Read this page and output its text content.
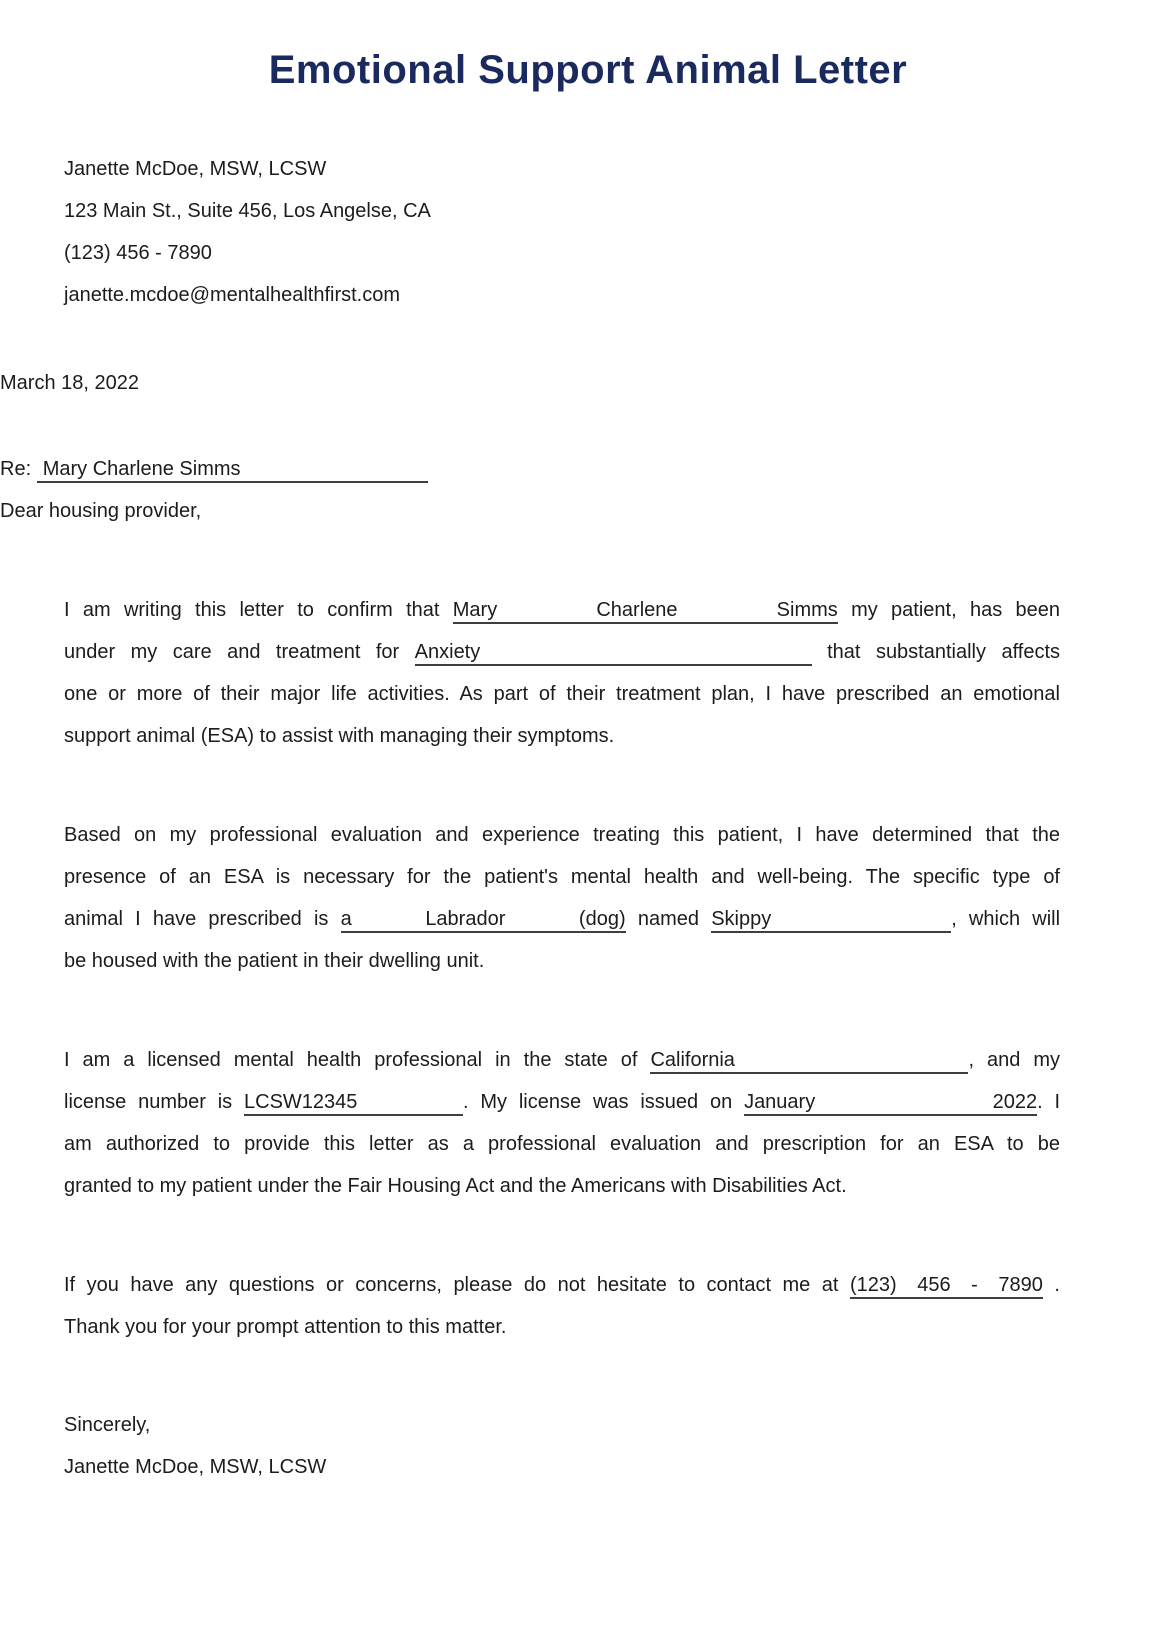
Emotional Support Animal Letter

Janette McDoe, MSW, LCSW

123 Main St., Suite 456, Los Angelse, CA

(123) 456 - 7890

janette.mcdoe@mentalhealthfirst.com

March 18, 2022

Re: Mary Charlene Simms

Dear housing provider,

I am writing this letter to confirm that Mary Charlene Simms my patient, has been
under my care and treatment for Anxiety	that substantially affects
one or more of their major life activities. As part of their treatment plan, I have prescribed an emotional
support animal (ESA) to assist with managing their symptoms.
Based on my professional evaluation and experience treating this patient, I have determined that the
presence of an ESA is necessary for the patient's mental health and well-being. The specific type of
animal I have prescribed is a Labrador (dog) named Skippy	, which will
be housed with the patient in their dwelling unit.
I am a licensed mental health professional in the state of California	, and my
license number is LCSW12345	. My license was issued on January 2022. I
am authorized to provide this letter as a professional evaluation and prescription for an ESA to be
granted to my patient under the Fair Housing Act and the Americans with Disabilities Act.
If you have any questions or concerns, please do not hesitate to contact me at (123) 456 - 7890 .
Thank you for your prompt attention to this matter.

Sincerely,

Janette McDoe, MSW, LCSW
